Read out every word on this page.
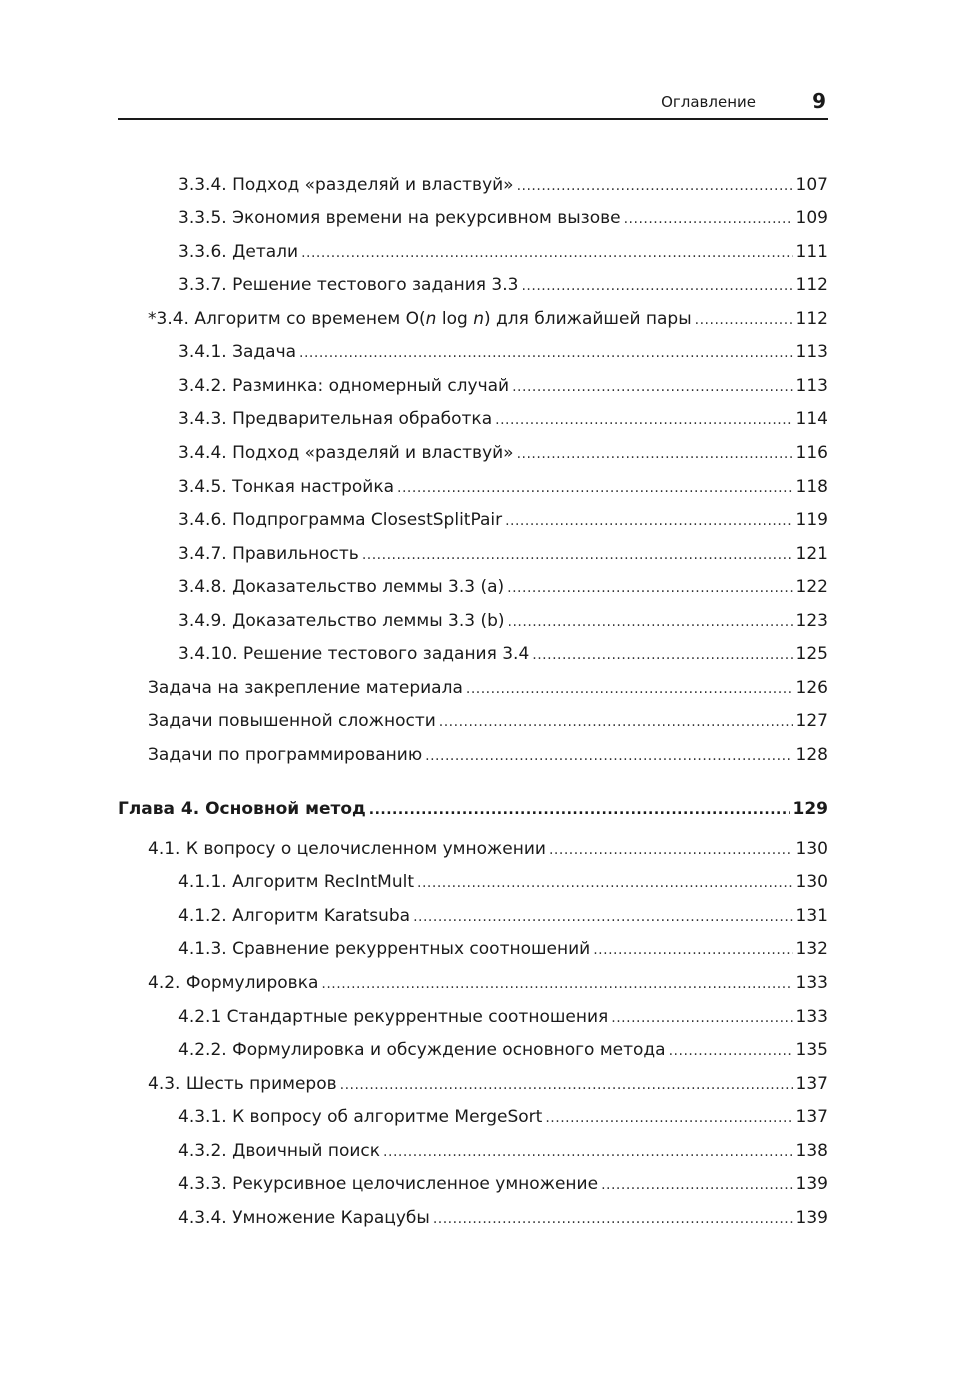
Оглавление	9
3.3.4. Подход «разделяй и властвуй» .....	107
3.3.5. Экономия времени на рекурсивном вызове .....	109
3.3.6. Детали .....	111
3.3.7. Решение тестового задания 3.3 .....	112
*3.4. Алгоритм со временем O(n log n) для ближайшей пары .....	112
3.4.1. Задача .....	113
3.4.2. Разминка: одномерный случай .....	113
3.4.3. Предварительная обработка .....	114
3.4.4. Подход «разделяй и властвуй» .....	116
3.4.5. Тонкая настройка .....	118
3.4.6. Подпрограмма ClosestSplitPair .....	119
3.4.7. Правильность .....	121
3.4.8. Доказательство леммы 3.3 (a) .....	122
3.4.9. Доказательство леммы 3.3 (b) .....	123
3.4.10. Решение тестового задания 3.4 .....	125
Задача на закрепление материала .....	126
Задачи повышенной сложности .....	127
Задачи по программированию .....	128
Глава 4. Основной метод .....	129
4.1. К вопросу о целочисленном умножении .....	130
4.1.1. Алгоритм RecIntMult .....	130
4.1.2. Алгоритм Karatsuba .....	131
4.1.3. Сравнение рекуррентных соотношений .....	132
4.2. Формулировка .....	133
4.2.1 Стандартные рекуррентные соотношения .....	133
4.2.2. Формулировка и обсуждение основного метода .....	135
4.3. Шесть примеров .....	137
4.3.1. К вопросу об алгоритме MergeSort .....	137
4.3.2. Двоичный поиск .....	138
4.3.3. Рекурсивное целочисленное умножение .....	139
4.3.4. Умножение Карацубы .....	139
